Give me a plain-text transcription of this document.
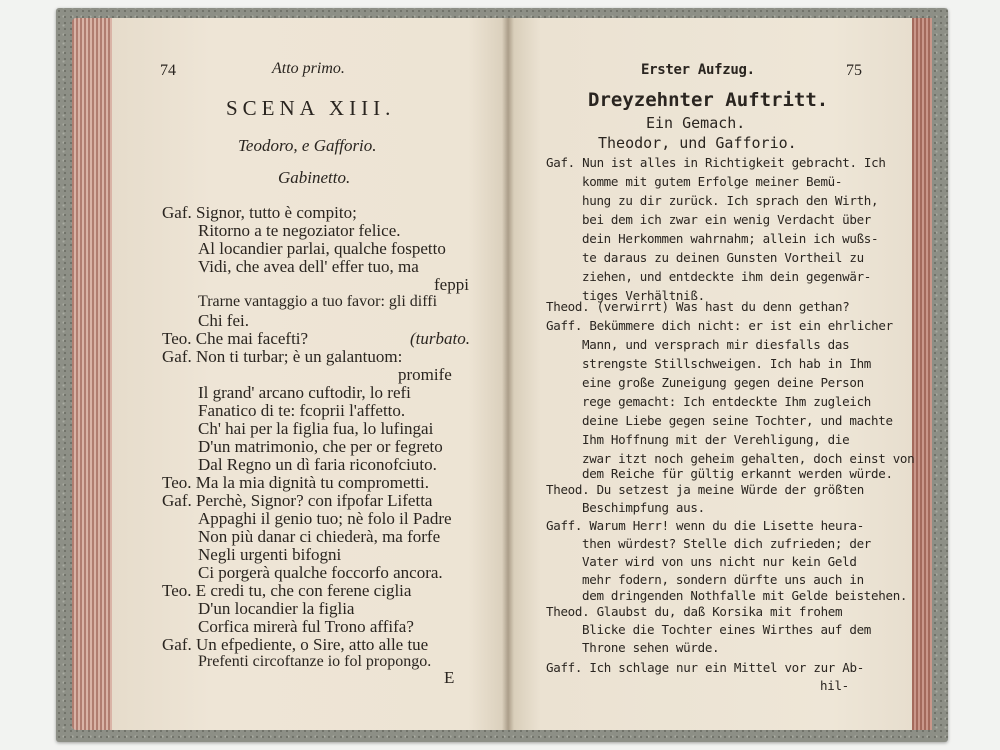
74	Atto primo.
SCENA XIII.
Teodoro, e Gafforio.
Gabinetto.
Gaf. Signor, tutto è compito;
Ritorno a te negoziator felice.
Al locandier parlai, qualche fospetto
Vidi, che avea dell' effer tuo, ma
feppi
Trarne vantaggio a tuo favor: gli diffi
Chi fei.
Teo. Che mai facefti?	(turbato.
Gaf. Non ti turbar; è un galantuom:
promife
Il grand' arcano cuftodir, lo refi
Fanatico di te: fcoprii l'affetto.
Ch' hai per la figlia fua, lo lufingai
D'un matrimonio, che per or fegreto
Dal Regno un dì faria riconofciuto.
Teo. Ma la mia dignità tu comprometti.
Gaf. Perchè, Signor? con ifpofar Lifetta
Appaghi il genio tuo; nè folo il Padre
Non più danar ci chiederà, ma forfe
Negli urgenti bifogni
Ci porgerà qualche foccorfo ancora.
Teo. E credi tu, che con ferene ciglia
D'un locandier la figlia
Corfica mirerà ful Trono affifa?
Gaf. Un efpediente, o Sire, atto alle tue
Prefenti circoftanze io fol propongo.
E
Erster Aufzug.	75
Dreyzehnter Auftritt.
Ein Gemach.
Theodor, und Gafforio.
Gaf. Nun ist alles in Richtigkeit gebracht. Ich
komme mit gutem Erfolge meiner Bemü-
hung zu dir zurück. Ich sprach den Wirth,
bei dem ich zwar ein wenig Verdacht über
dein Herkommen wahrnahm; allein ich wußs-
te daraus zu deinen Gunsten Vortheil zu
ziehen, und entdeckte ihm dein gegenwär-
tiges Verhältniß.
Theod. (verwirrt) Was hast du denn gethan?
Gaff. Bekümmere dich nicht: er ist ein ehrlicher
Mann, und versprach mir diesfalls das
strengste Stillschweigen. Ich hab in Ihm
eine große Zuneigung gegen deine Person
rege gemacht: Ich entdeckte Ihm zugleich
deine Liebe gegen seine Tochter, und machte
Ihm Hoffnung mit der Verehligung, die
zwar itzt noch geheim gehalten, doch einst von
dem Reiche für gültig erkannt werden würde.
Theod. Du setzest ja meine Würde der größten
Beschimpfung aus.
Gaff. Warum Herr! wenn du die Lisette heura-
then würdest? Stelle dich zufrieden; der
Vater wird von uns nicht nur kein Geld
mehr fodern, sondern dürfte uns auch in
dem dringenden Nothfalle mit Gelde beistehen.
Theod. Glaubst du, daß Korsika mit frohem
Blicke die Tochter eines Wirthes auf dem
Throne sehen würde.
Gaff. Ich schlage nur ein Mittel vor zur Ab-
hil-
